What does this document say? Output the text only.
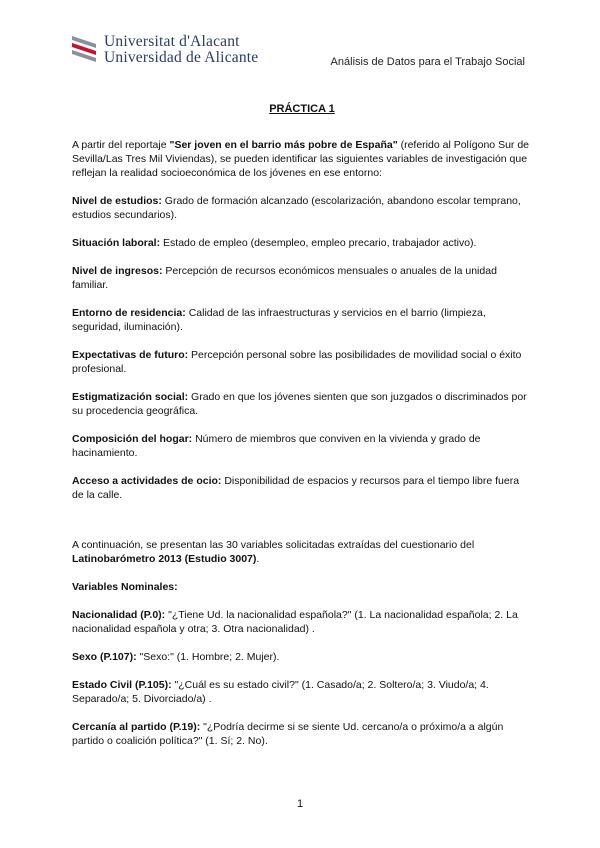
Universitat d'Alacant
Universidad de Alicante	Análisis de Datos para el Trabajo Social
PRÁCTICA 1

A partir del reportaje "Ser joven en el barrio más pobre de España" (referido al Polígono Sur de Sevilla/Las Tres Mil Viviendas), se pueden identificar las siguientes variables de investigación que reflejan la realidad socioeconómica de los jóvenes en ese entorno:

Nivel de estudios: Grado de formación alcanzado (escolarización, abandono escolar temprano, estudios secundarios).

Situación laboral: Estado de empleo (desempleo, empleo precario, trabajador activo).

Nivel de ingresos: Percepción de recursos económicos mensuales o anuales de la unidad familiar.

Entorno de residencia: Calidad de las infraestructuras y servicios en el barrio (limpieza, seguridad, iluminación).

Expectativas de futuro: Percepción personal sobre las posibilidades de movilidad social o éxito profesional.

Estigmatización social: Grado en que los jóvenes sienten que son juzgados o discriminados por su procedencia geográfica.

Composición del hogar: Número de miembros que conviven en la vivienda y grado de hacinamiento.

Acceso a actividades de ocio: Disponibilidad de espacios y recursos para el tiempo libre fuera de la calle.

A continuación, se presentan las 30 variables solicitadas extraídas del cuestionario del Latinobarómetro 2013 (Estudio 3007).

Variables Nominales:

Nacionalidad (P.0): "¿Tiene Ud. la nacionalidad española?" (1. La nacionalidad española; 2. La nacionalidad española y otra; 3. Otra nacionalidad) .

Sexo (P.107): "Sexo:" (1. Hombre; 2. Mujer).

Estado Civil (P.105): "¿Cuál es su estado civil?" (1. Casado/a; 2. Soltero/a; 3. Viudo/a; 4. Separado/a; 5. Divorciado/a) .

Cercanía al partido (P.19): "¿Podría decirme si se siente Ud. cercano/a o próximo/a a algún partido o coalición política?" (1. Sí; 2. No).

1
